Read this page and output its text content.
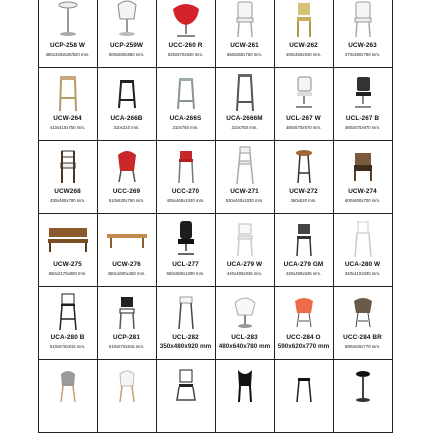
UCP-258 W
380x340x630/820 mm.
UCP-259W
500x600x850 mm.
UCC-260 R
920x670x620 mm.
UCW-261
550x550x750 mm.
UCW-262
400x460x940 mm.
UCW-263
470x480x780 mm.
UCW-264
410x410x750 mm.
UCA-266B
310x310 mm.
UCA-266S
310x750 mm.
UCA-2666M
310x750 mm.
UCL-267 W
480x570x970 mm.
UCL-267 B
480x570x970 mm.
UCW268
430x480x780 mm.
UCC-269
610x630x760 mm.
UCC-270
405x465x1040 mm.
UCW-271
530x440x1030 mm.
UCW-272
360x620 mm.
UCW-274
600x600x700 mm.
UCW-275
650x2170x800 mm.
UCW-276
450x1600x450 mm.
UCL-277
650x680x1290 mm.
UCA-279 W
440x490x845 mm.
UCA-279 GM
440x490x845 mm.
UCA-280 W
340x410x830 mm.
UCA-280 B
510x570x815 mm.
UCP-281
510x570x815 mm.
UCL-282
350x480x920 mm
UCL-283
480x640x780 mm
UCC-284 O
590x620x770 mm
UCC-284 BR
590x620x770 mm.
